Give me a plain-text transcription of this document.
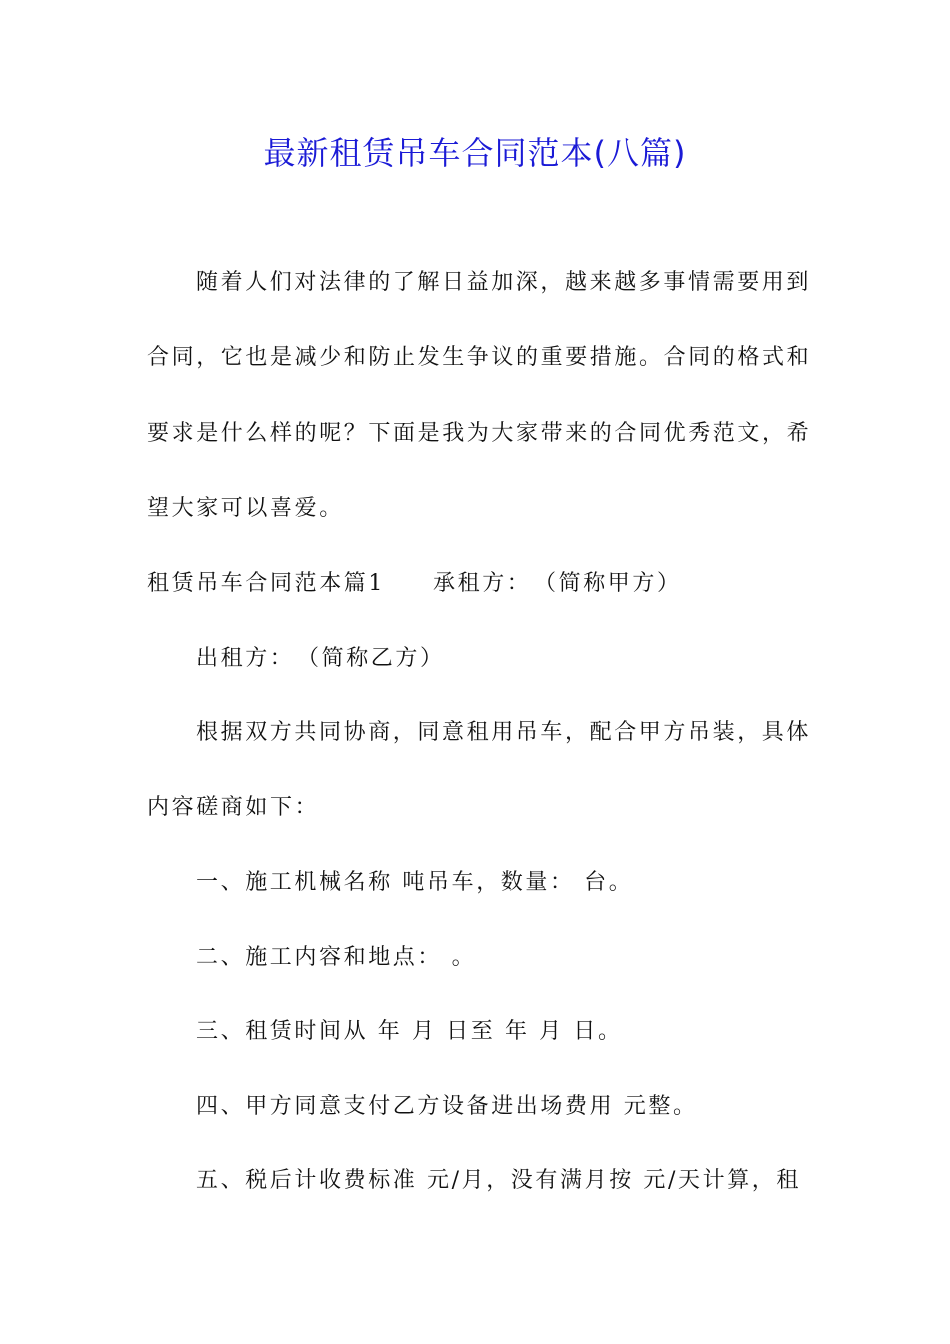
最新租赁吊车合同范本(八篇)
随着人们对法律的了解日益加深，越来越多事情需要用到
合同，它也是减少和防止发生争议的重要措施。合同的格式和
要求是什么样的呢？下面是我为大家带来的合同优秀范文，希
望大家可以喜爱。
租赁吊车合同范本篇1 承租方：　（简称甲方）
出租方：　（简称乙方）
根据双方共同协商，同意租用吊车，配合甲方吊装，具体
内容磋商如下：
一、施工机械名称 吨吊车，数量： 台。
二、施工内容和地点： 。
三、租赁时间从 年 月 日至 年 月 日。
四、甲方同意支付乙方设备进出场费用 元整。
五、税后计收费标准 元/月，没有满月按 元/天计算，租
